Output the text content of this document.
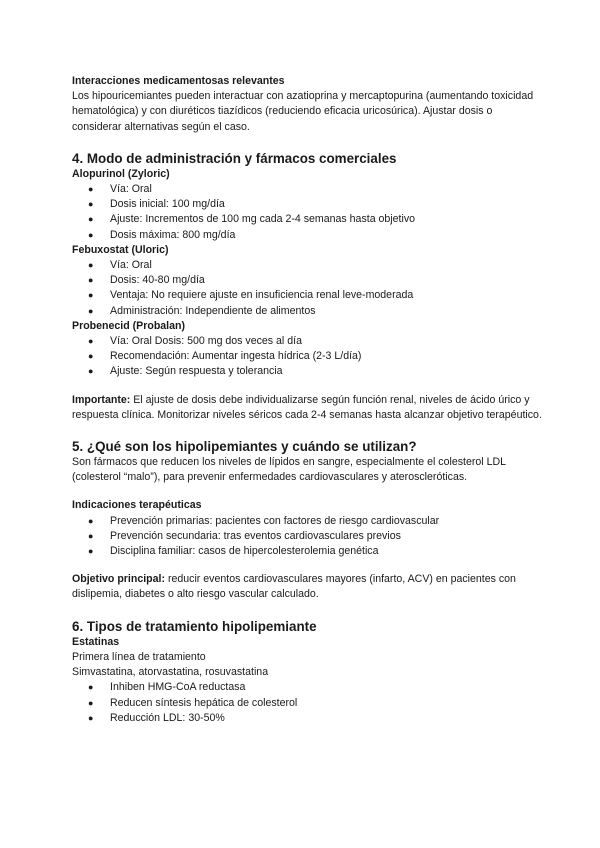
Interacciones medicamentosas relevantes

Los hipouricemiantes pueden interactuar con azatioprina y mercaptopurina (aumentando toxicidad hematológica) y con diuréticos tiazídicos (reduciendo eficacia uricosúrica). Ajustar dosis o considerar alternativas según el caso.

4. Modo de administración y fármacos comerciales

Alopurinol (Zyloric)

● Vía: Oral
● Dosis inicial: 100 mg/día
● Ajuste: Incrementos de 100 mg cada 2-4 semanas hasta objetivo
● Dosis máxima: 800 mg/día

Febuxostat (Uloric)

● Vía: Oral
● Dosis: 40-80 mg/día
● Ventaja: No requiere ajuste en insuficiencia renal leve-moderada
● Administración: Independiente de alimentos

Probenecid (Probalan)

● Vía: Oral Dosis: 500 mg dos veces al día
● Recomendación: Aumentar ingesta hídrica (2-3 L/día)
● Ajuste: Según respuesta y tolerancia

Importante: El ajuste de dosis debe individualizarse según función renal, niveles de ácido úrico y respuesta clínica. Monitorizar niveles séricos cada 2-4 semanas hasta alcanzar objetivo terapéutico.

5. ¿Qué son los hipolipemiantes y cuándo se utilizan?

Son fármacos que reducen los niveles de lípidos en sangre, especialmente el colesterol LDL (colesterol “malo”), para prevenir enfermedades cardiovasculares y ateroscleróticas.

Indicaciones terapéuticas

● Prevención primarias: pacientes con factores de riesgo cardiovascular
● Prevención secundaria: tras eventos cardiovasculares previos
● Disciplina familiar: casos de hipercolesterolemia genética

Objetivo principal: reducir eventos cardiovasculares mayores (infarto, ACV) en pacientes con dislipemia, diabetes o alto riesgo vascular calculado.

6. Tipos de tratamiento hipolipemiante

Estatinas

Primera línea de tratamiento

Simvastatina, atorvastatina, rosuvastatina

● Inhiben HMG-CoA reductasa
● Reducen síntesis hepática de colesterol
● Reducción LDL: 30-50%
